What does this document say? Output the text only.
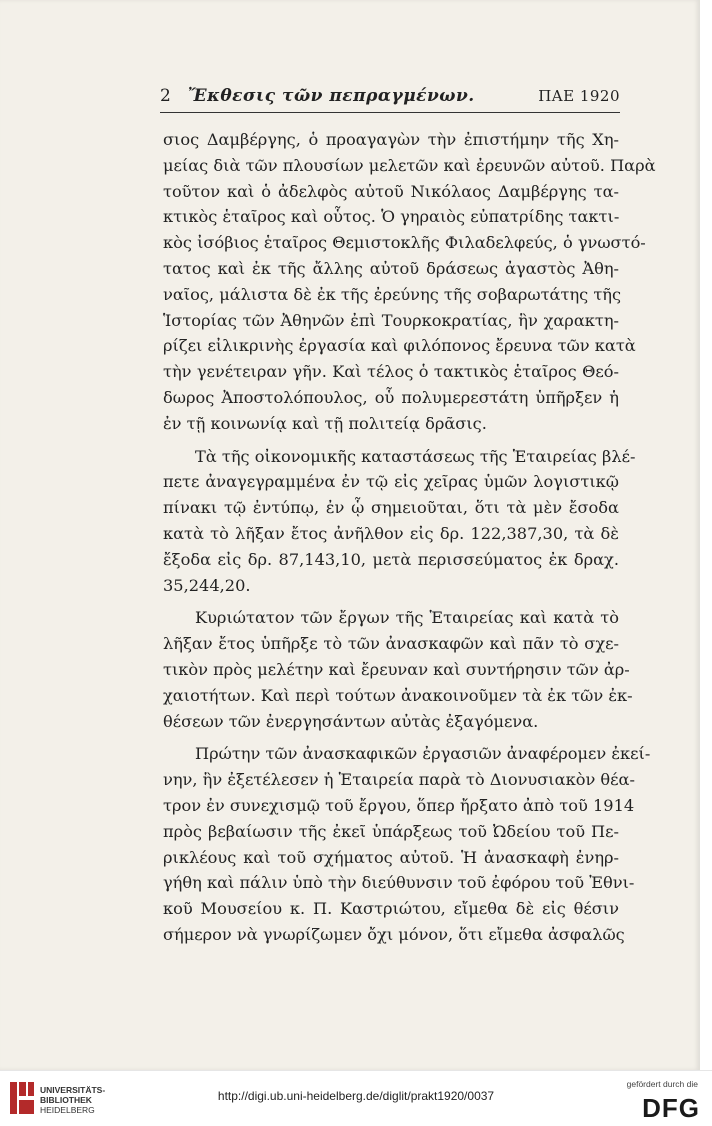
2 Ἔκθεσις τῶν πεπραγμένων.	ΠΑΕ 1920
σιος Δαμβέργης, ὁ προαγαγὼν τὴν ἐπιστήμην τῆς Χη-
μείας διὰ τῶν πλουσίων μελετῶν καὶ ἐρευνῶν αὐτοῦ. Παρὰ
τοῦτον καὶ ὁ ἀδελφὸς αὐτοῦ Νικόλαος Δαμβέργης τα-
κτικὸς ἑταῖρος καὶ οὗτος. Ὁ γηραιὸς εὐπατρίδης τακτι-
κὸς ἰσόβιος ἑταῖρος Θεμιστοκλῆς Φιλαδελφεύς, ὁ γνωστό-
τατος καὶ ἐκ τῆς ἄλλης αὐτοῦ δράσεως ἀγαστὸς Ἀθη-
ναῖος, μάλιστα δὲ ἐκ τῆς ἐρεύνης τῆς σοβαρωτάτης τῆς
Ἱστορίας τῶν Ἀθηνῶν ἐπὶ Τουρκοκρατίας, ἣν χαρακτη-
ρίζει εἰλικρινὴς ἐργασία καὶ φιλόπονος ἔρευνα τῶν κατὰ
τὴν γενέτειραν γῆν. Καὶ τέλος ὁ τακτικὸς ἑταῖρος Θεό-
δωρος Ἀποστολόπουλος, οὗ πολυμερεστάτη ὑπῆρξεν ἡ
ἐν τῇ κοινωνίᾳ καὶ τῇ πολιτείᾳ δρᾶσις.
Τὰ τῆς οἰκονομικῆς καταστάσεως τῆς Ἑταιρείας βλέ-
πετε ἀναγεγραμμένα ἐν τῷ εἰς χεῖρας ὑμῶν λογιστικῷ
πίνακι τῷ ἐντύπῳ, ἐν ᾧ σημειοῦται, ὅτι τὰ μὲν ἔσοδα
κατὰ τὸ λῆξαν ἔτος ἀνῆλθον εἰς δρ. 122,387,30, τὰ δὲ
ἔξοδα εἰς δρ. 87,143,10, μετὰ περισσεύματος ἐκ δραχ.
35,244,20.
Κυριώτατον τῶν ἔργων τῆς Ἑταιρείας καὶ κατὰ τὸ
λῆξαν ἔτος ὑπῆρξε τὸ τῶν ἀνασκαφῶν καὶ πᾶν τὸ σχε-
τικὸν πρὸς μελέτην καὶ ἔρευναν καὶ συντήρησιν τῶν ἀρ-
χαιοτήτων. Καὶ περὶ τούτων ἀνακοινοῦμεν τὰ ἐκ τῶν ἐκ-
θέσεων τῶν ἐνεργησάντων αὐτὰς ἐξαγόμενα.
Πρώτην τῶν ἀνασκαφικῶν ἐργασιῶν ἀναφέρομεν ἐκεί-
νην, ἣν ἐξετέλεσεν ἡ Ἑταιρεία παρὰ τὸ Διονυσιακὸν θέα-
τρον ἐν συνεχισμῷ τοῦ ἔργου, ὅπερ ἤρξατο ἀπὸ τοῦ 1914
πρὸς βεβαίωσιν τῆς ἐκεῖ ὑπάρξεως τοῦ Ὠδείου τοῦ Πε-
ρικλέους καὶ τοῦ σχήματος αὐτοῦ. Ἡ ἀνασκαφὴ ἐνηρ-
γήθη καὶ πάλιν ὑπὸ τὴν διεύθυνσιν τοῦ ἐφόρου τοῦ Ἐθνι-
κοῦ Μουσείου κ. Π. Καστριώτου, εἴμεθα δὲ εἰς θέσιν
σήμερον νὰ γνωρίζωμεν ὄχι μόνον, ὅτι εἴμεθα ἀσφαλῶς
UNIVERSITÄTS-
BIBLIOTHEK
HEIDELBERG
http://digi.ub.uni-heidelberg.de/diglit/prakt1920/0037
gefördert durch die
DFG
